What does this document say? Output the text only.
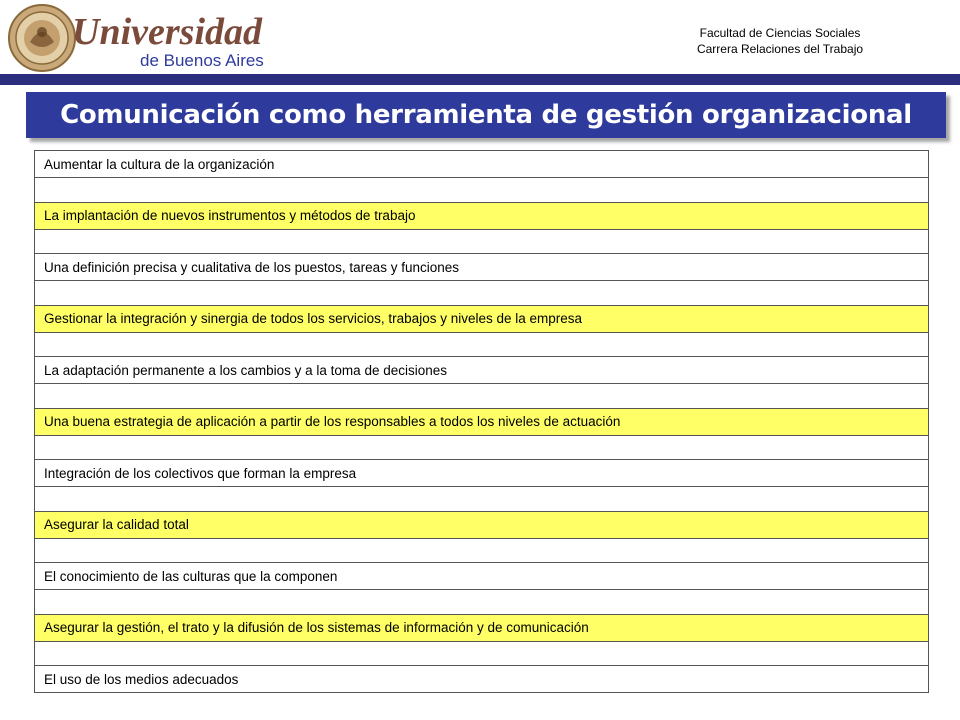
Universidad
de Buenos Aires
Facultad de Ciencias Sociales
Carrera Relaciones del Trabajo
Comunicación como herramienta de gestión organizacional
Aumentar la cultura de la organización
La implantación de nuevos instrumentos y métodos de trabajo
Una definición precisa y cualitativa de los puestos, tareas y funciones
Gestionar la integración y sinergia de todos los servicios, trabajos y niveles de la empresa
La adaptación permanente a los cambios y a la toma de decisiones
Una buena estrategia de aplicación a partir de los responsables a todos los niveles de actuación
Integración de los colectivos que forman la empresa
Asegurar la calidad total
El conocimiento de las culturas que la componen
Asegurar la gestión, el trato y la difusión de los sistemas de información y de comunicación
El uso de los medios adecuados
